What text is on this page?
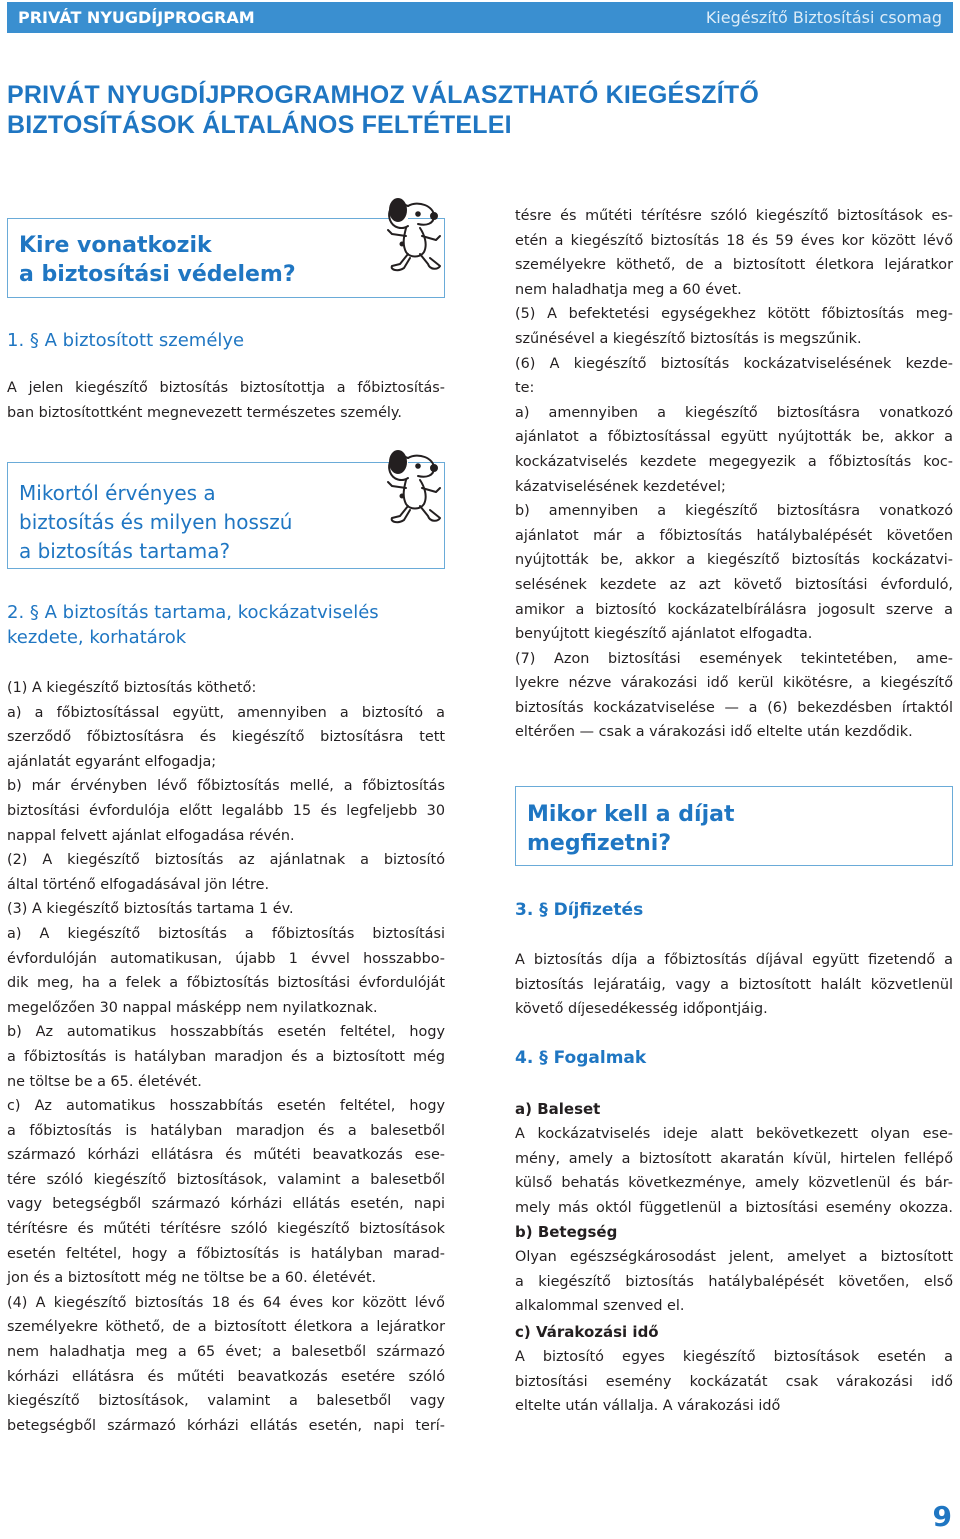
PRIVÁT NYUGDÍJPROGRAM	Kiegészítő Biztosítási csomag
PRIVÁT NYUGDÍJPROGRAMHOZ VÁLASZTHATÓ KIEGÉSZÍTŐ
BIZTOSÍTÁSOK ÁLTALÁNOS FELTÉTELEI
Kire vonatkozik
a biztosítási védelem?
1. § A biztosított személye
A jelen kiegészítő biztosítás biztosítottja a főbiztosítás-
ban biztosítottként megnevezett természetes személy.
Mikortól érvényes a
biztosítás és milyen hosszú
a biztosítás tartama?
2. § A biztosítás tartama, kockázatviselés
kezdete, korhatárok
(1) A kiegészítő biztosítás köthető:
a) a főbiztosítással együtt, amennyiben a biztosító a
szerződő főbiztosításra és kiegészítő biztosításra tett
ajánlatát egyaránt elfogadja;
b) már érvényben lévő főbiztosítás mellé, a főbiztosítás
biztosítási évfordulója előtt legalább 15 és legfeljebb 30
nappal felvett ajánlat elfogadása révén.
(2) A kiegészítő biztosítás az ajánlatnak a biztosító
által történő elfogadásával jön létre.
(3) A kiegészítő biztosítás tartama 1 év.
a) A kiegészítő biztosítás a főbiztosítás biztosítási
évfordulóján automatikusan, újabb 1 évvel hosszabbo-
dik meg, ha a felek a főbiztosítás biztosítási évfordulóját
megelőzően 30 nappal másképp nem nyilatkoznak.
b) Az automatikus hosszabbítás esetén feltétel, hogy
a főbiztosítás is hatályban maradjon és a biztosított még
ne töltse be a 65. életévét.
c) Az automatikus hosszabbítás esetén feltétel, hogy
a főbiztosítás is hatályban maradjon és a balesetből
származó kórházi ellátásra és műtéti beavatkozás ese-
tére szóló kiegészítő biztosítások, valamint a balesetből
vagy betegségből származó kórházi ellátás esetén, napi
térítésre és műtéti térítésre szóló kiegészítő biztosítások
esetén feltétel, hogy a főbiztosítás is hatályban marad-
jon és a biztosított még ne töltse be a 60. életévét.
(4) A kiegészítő biztosítás 18 és 64 éves kor között lévő
személyekre köthető, de a biztosított életkora a lejáratkor
nem haladhatja meg a 65 évet; a balesetből származó
kórházi ellátásra és műtéti beavatkozás esetére szóló
kiegészítő biztosítások, valamint a balesetből vagy
betegségből származó kórházi ellátás esetén, napi terí-
tésre és műtéti térítésre szóló kiegészítő biztosítások es-
etén a kiegészítő biztosítás 18 és 59 éves kor között lévő
személyekre köthető, de a biztosított életkora lejáratkor
nem haladhatja meg a 60 évet.
(5) A befektetési egységekhez kötött főbiztosítás meg-
szűnésével a kiegészítő biztosítás is megszűnik.
(6) A kiegészítő biztosítás kockázatviselésének kezde-
te:
a) amennyiben a kiegészítő biztosításra vonatkozó
ajánlatot a főbiztosítással együtt nyújtották be, akkor a
kockázatviselés kezdete megegyezik a főbiztosítás koc-
kázatviselésének kezdetével;
b) amennyiben a kiegészítő biztosításra vonatkozó
ajánlatot már a főbiztosítás hatálybalépését követően
nyújtották be, akkor a kiegészítő biztosítás kockázatvi-
selésének kezdete az azt követő biztosítási évforduló,
amikor a biztosító kockázatelbírálásra jogosult szerve a
benyújtott kiegészítő ajánlatot elfogadta.
(7) Azon biztosítási események tekintetében, ame-
lyekre nézve várakozási idő kerül kikötésre, a kiegészítő
biztosítás kockázatviselése — a (6) bekezdésben írtaktól
eltérően — csak a várakozási idő eltelte után kezdődik.
Mikor kell a díjat
megfizetni?
3. § Díjfizetés
A biztosítás díja a főbiztosítás díjával együtt fizetendő a
biztosítás lejáratáig, vagy a biztosított halált közvetlenül
követő díjesedékesség időpontjáig.
4. § Fogalmak
a) Baleset
A kockázatviselés ideje alatt bekövetkezett olyan ese-
mény, amely a biztosított akaratán kívül, hirtelen fellépő
külső behatás következménye, amely közvetlenül és bár-
mely más októl függetlenül a biztosítási esemény okozza.
b) Betegség
Olyan egészségkárosodást jelent, amelyet a biztosított
a kiegészítő biztosítás hatálybalépését követően, első
alkalommal szenved el.
c) Várakozási idő
A biztosító egyes kiegészítő biztosítások esetén a
biztosítási esemény kockázatát csak várakozási idő
eltelte után vállalja. A várakozási idő
9
